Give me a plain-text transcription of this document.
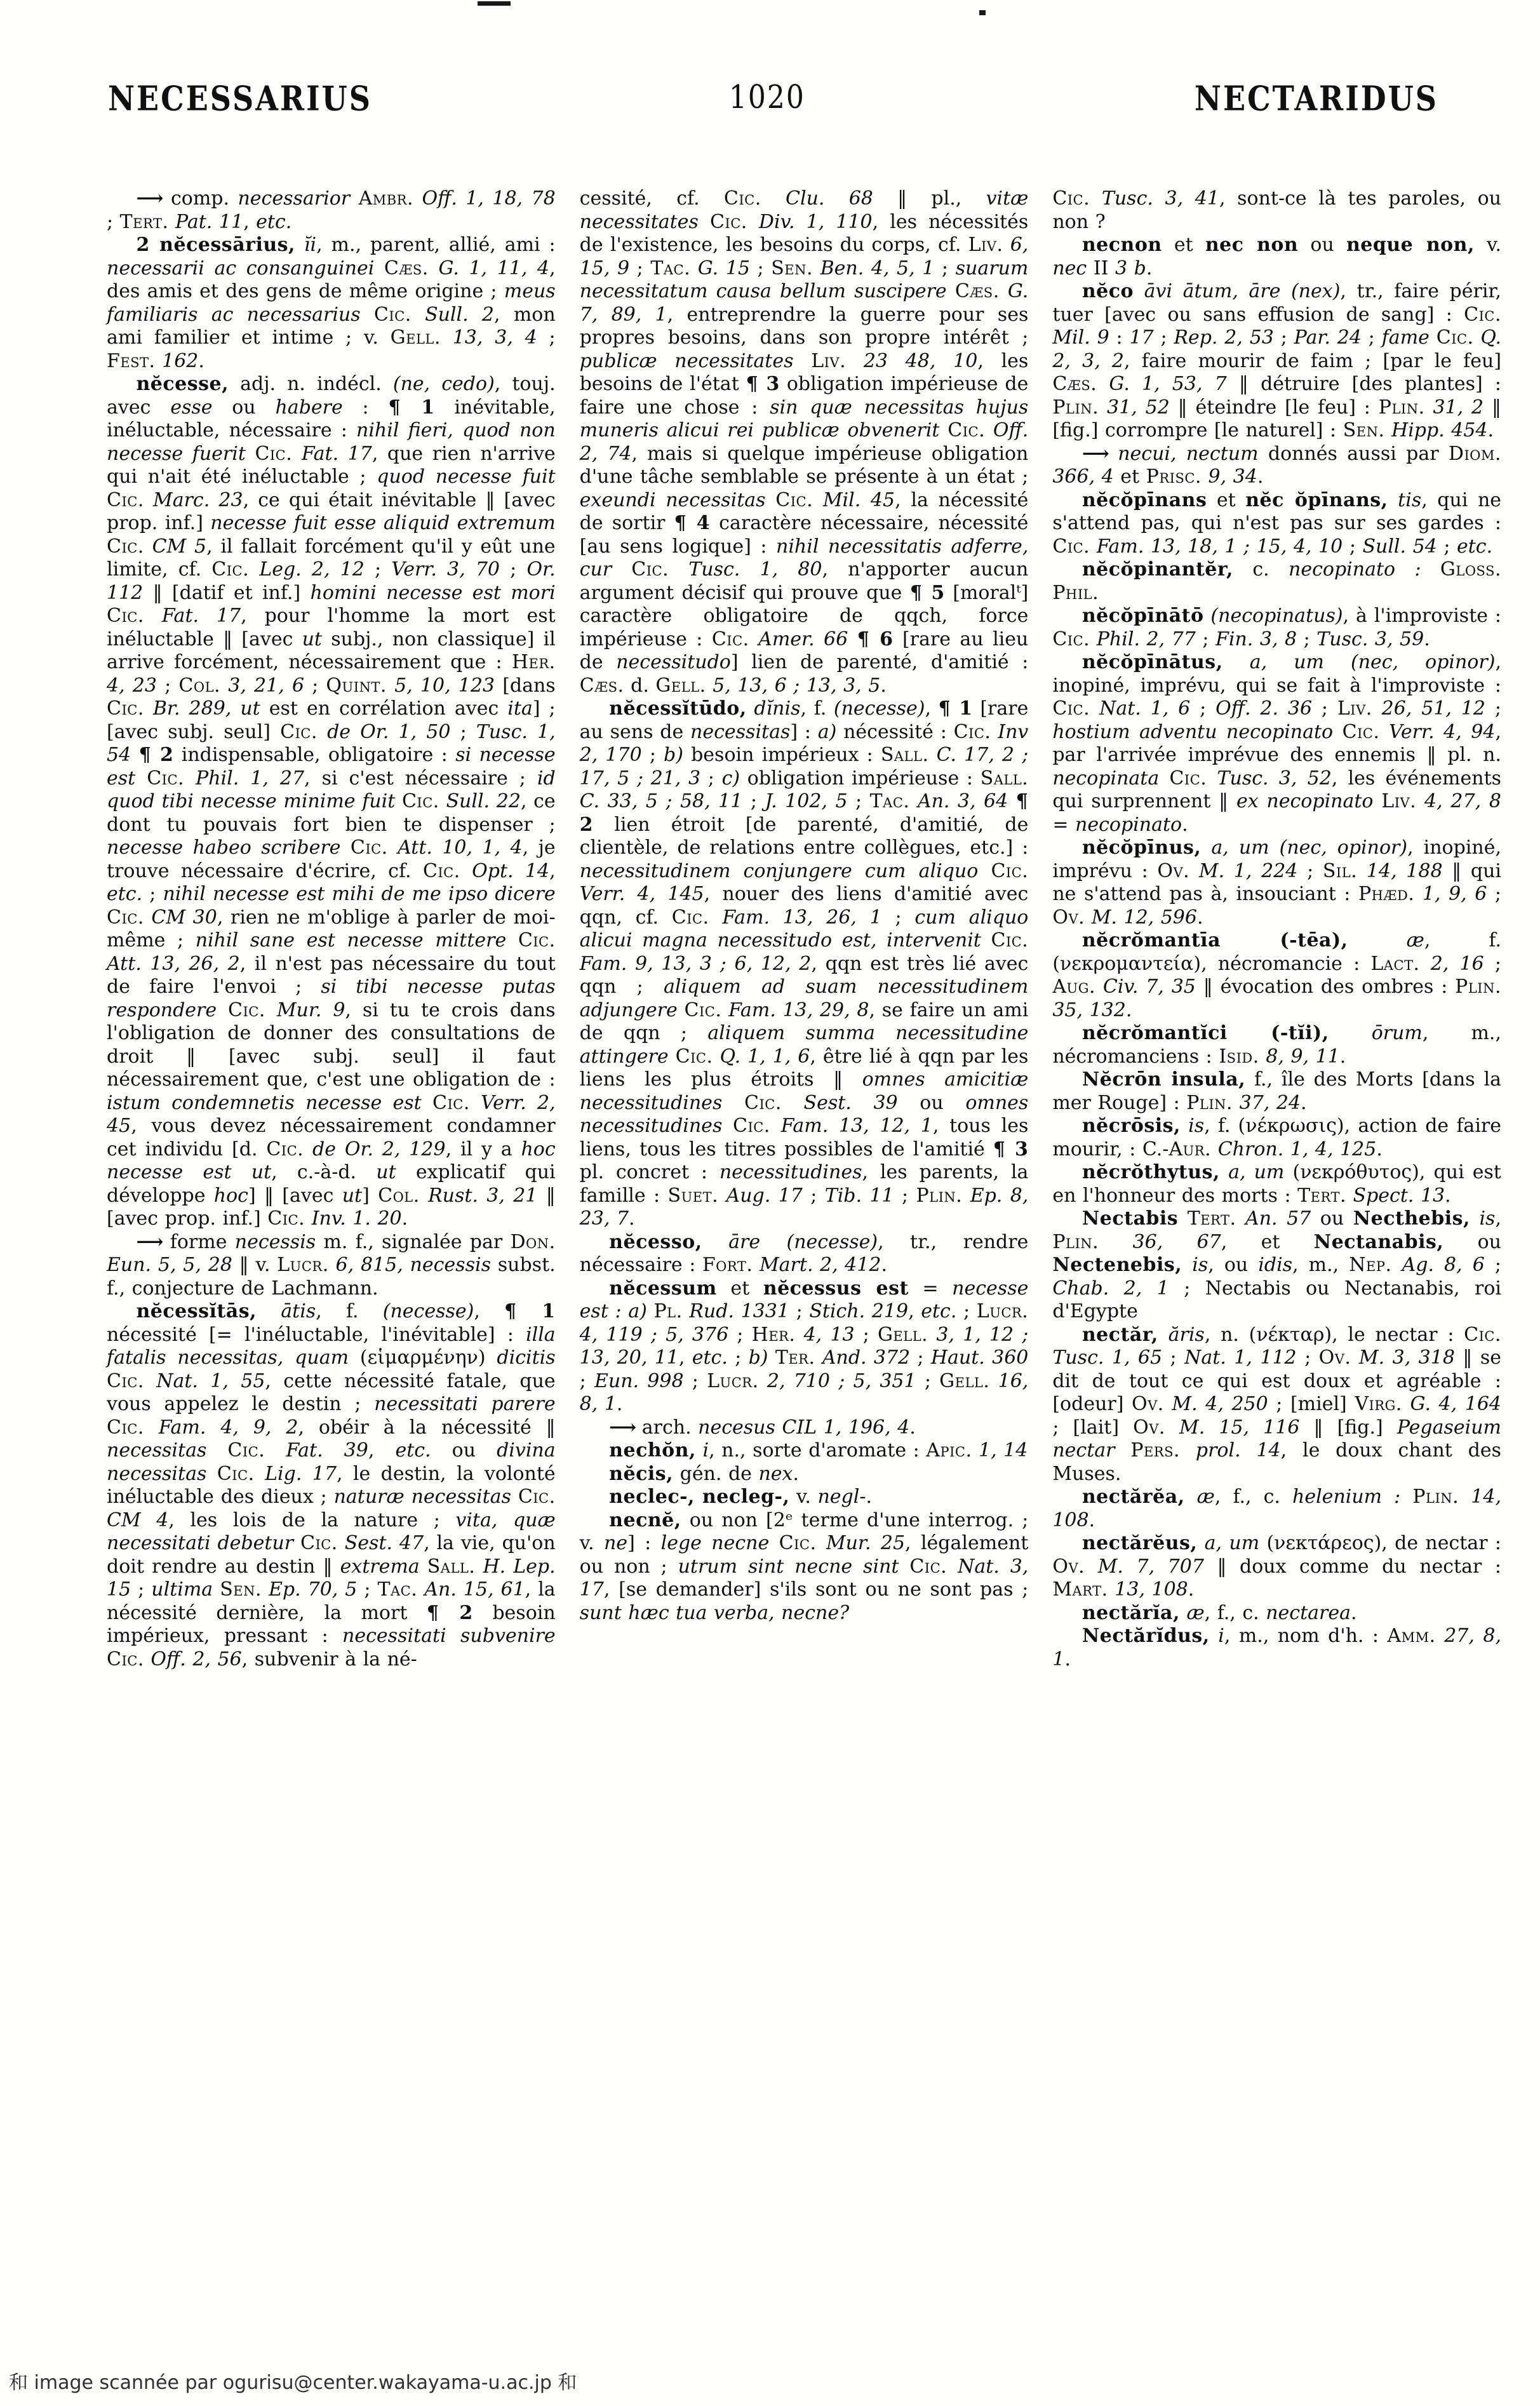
NECESSARIUS	1020	NECTARIDUS

⟶ comp. necessarior Ambr. Off. 1, 18, 78 ; Tert. Pat. 11, etc.

2 nĕcessārius, ĭi, m., parent, allié, ami : necessarii ac consanguinei Cæs. G. 1, 11, 4, des amis et des gens de même origine ; meus familiaris ac necessarius Cic. Sull. 2, mon ami familier et intime ; v. Gell. 13, 3, 4 ; Fest. 162.

nĕcesse, adj. n. indécl. (ne, cedo), touj. avec esse ou habere : ¶ 1 inévitable, inéluctable, nécessaire : nihil fieri, quod non necesse fuerit Cic. Fat. 17, que rien n'arrive qui n'ait été inéluctable ; quod necesse fuit Cic. Marc. 23, ce qui était inévitable ‖ [avec prop. inf.] necesse fuit esse aliquid extremum Cic. CM 5, il fallait forcément qu'il y eût une limite, cf. Cic. Leg. 2, 12 ; Verr. 3, 70 ; Or. 112 ‖ [datif et inf.] homini necesse est mori Cic. Fat. 17, pour l'homme la mort est inéluctable ‖ [avec ut subj., non classique] il arrive forcément, nécessairement que : Her. 4, 23 ; Col. 3, 21, 6 ; Quint. 5, 10, 123 [dans Cic. Br. 289, ut est en corrélation avec ita] ; [avec subj. seul] Cic. de Or. 1, 50 ; Tusc. 1, 54 ¶ 2 indispensable, obligatoire : si necesse est Cic. Phil. 1, 27, si c'est nécessaire ; id quod tibi necesse minime fuit Cic. Sull. 22, ce dont tu pouvais fort bien te dispenser ; necesse habeo scribere Cic. Att. 10, 1, 4, je trouve nécessaire d'écrire, cf. Cic. Opt. 14, etc. ; nihil necesse est mihi de me ipso dicere Cic. CM 30, rien ne m'oblige à parler de moi-même ; nihil sane est necesse mittere Cic. Att. 13, 26, 2, il n'est pas nécessaire du tout de faire l'envoi ; si tibi necesse putas respondere Cic. Mur. 9, si tu te crois dans l'obligation de donner des consultations de droit ‖ [avec subj. seul] il faut nécessairement que, c'est une obligation de : istum condemnetis necesse est Cic. Verr. 2, 45, vous devez nécessairement condamner cet individu [d. Cic. de Or. 2, 129, il y a hoc necesse est ut, c.-à-d. ut explicatif qui développe hoc] ‖ [avec ut] Col. Rust. 3, 21 ‖ [avec prop. inf.] Cic. Inv. 1. 20.

⟶ forme necessis m. f., signalée par Don. Eun. 5, 5, 28 ‖ v. Lucr. 6, 815, necessis subst. f., conjecture de Lachmann.

nĕcessĭtās, ātis, f. (necesse), ¶ 1 nécessité [= l'inéluctable, l'inévitable] : illa fatalis necessitas, quam (εἱμαρμένην) dicitis Cic. Nat. 1, 55, cette nécessité fatale, que vous appelez le destin ; necessitati parere Cic. Fam. 4, 9, 2, obéir à la nécessité ‖ necessitas Cic. Fat. 39, etc. ou divina necessitas Cic. Lig. 17, le destin, la volonté inéluctable des dieux ; naturæ necessitas Cic. CM 4, les lois de la nature ; vita, quæ necessitati debetur Cic. Sest. 47, la vie, qu'on doit rendre au destin ‖ extrema Sall. H. Lep. 15 ; ultima Sen. Ep. 70, 5 ; Tac. An. 15, 61, la nécessité dernière, la mort ¶ 2 besoin impérieux, pressant : necessitati subvenire Cic. Off. 2, 56, subvenir à la né-

cessité, cf. Cic. Clu. 68 ‖ pl., vitæ necessitates Cic. Div. 1, 110, les nécessités de l'existence, les besoins du corps, cf. Liv. 6, 15, 9 ; Tac. G. 15 ; Sen. Ben. 4, 5, 1 ; suarum necessitatum causa bellum suscipere Cæs. G. 7, 89, 1, entreprendre la guerre pour ses propres besoins, dans son propre intérêt ; publicæ necessitates Liv. 23 48, 10, les besoins de l'état ¶ 3 obligation impérieuse de faire une chose : sin quæ necessitas hujus muneris alicui rei publicæ obvenerit Cic. Off. 2, 74, mais si quelque impérieuse obligation d'une tâche semblable se présente à un état ; exeundi necessitas Cic. Mil. 45, la nécessité de sortir ¶ 4 caractère nécessaire, nécessité [au sens logique] : nihil necessitatis adferre, cur Cic. Tusc. 1, 80, n'apporter aucun argument décisif qui prouve que ¶ 5 [moralᵗ] caractère obligatoire de qqch, force impérieuse : Cic. Amer. 66 ¶ 6 [rare au lieu de necessitudo] lien de parenté, d'amitié : Cæs. d. Gell. 5, 13, 6 ; 13, 3, 5.

nĕcessĭtūdo, dĭnis, f. (necesse), ¶ 1 [rare au sens de necessitas] : a) nécessité : Cic. Inv 2, 170 ; b) besoin impérieux : Sall. C. 17, 2 ; 17, 5 ; 21, 3 ; c) obligation impérieuse : Sall. C. 33, 5 ; 58, 11 ; J. 102, 5 ; Tac. An. 3, 64 ¶ 2 lien étroit [de parenté, d'amitié, de clientèle, de relations entre collègues, etc.] : necessitudinem conjungere cum aliquo Cic. Verr. 4, 145, nouer des liens d'amitié avec qqn, cf. Cic. Fam. 13, 26, 1 ; cum aliquo alicui magna necessitudo est, intervenit Cic. Fam. 9, 13, 3 ; 6, 12, 2, qqn est très lié avec qqn ; aliquem ad suam necessitudinem adjungere Cic. Fam. 13, 29, 8, se faire un ami de qqn ; aliquem summa necessitudine attingere Cic. Q. 1, 1, 6, être lié à qqn par les liens les plus étroits ‖ omnes amicitiæ necessitudines Cic. Sest. 39 ou omnes necessitudines Cic. Fam. 13, 12, 1, tous les liens, tous les titres possibles de l'amitié ¶ 3 pl. concret : necessitudines, les parents, la famille : Suet. Aug. 17 ; Tib. 11 ; Plin. Ep. 8, 23, 7.

nĕcesso, āre (necesse), tr., rendre nécessaire : Fort. Mart. 2, 412.

nĕcessum et nĕcessus est = necesse est : a) Pl. Rud. 1331 ; Stich. 219, etc. ; Lucr. 4, 119 ; 5, 376 ; Her. 4, 13 ; Gell. 3, 1, 12 ; 13, 20, 11, etc. ; b) Ter. And. 372 ; Haut. 360 ; Eun. 998 ; Lucr. 2, 710 ; 5, 351 ; Gell. 16, 8, 1.

⟶ arch. necesus CIL 1, 196, 4.

nechŏn, i, n., sorte d'aromate : Apic. 1, 14

nĕcis, gén. de nex.

neclec-, necleg-, v. negl-.

necnĕ, ou non [2ᵉ terme d'une interrog. ; v. ne] : lege necne Cic. Mur. 25, légalement ou non ; utrum sint necne sint Cic. Nat. 3, 17, [se demander] s'ils sont ou ne sont pas ; sunt hæc tua verba, necne?

Cic. Tusc. 3, 41, sont-ce là tes paroles, ou non ?

necnon et nec non ou neque non, v. nec II 3 b.

nĕco āvi ātum, āre (nex), tr., faire périr, tuer [avec ou sans effusion de sang] : Cic. Mil. 9 : 17 ; Rep. 2, 53 ; Par. 24 ; fame Cic. Q. 2, 3, 2, faire mourir de faim ; [par le feu] Cæs. G. 1, 53, 7 ‖ détruire [des plantes] : Plin. 31, 52 ‖ éteindre [le feu] : Plin. 31, 2 ‖ [fig.] corrompre [le naturel] : Sen. Hipp. 454.

⟶ necui, nectum donnés aussi par Diom. 366, 4 et Prisc. 9, 34.

nĕcŏpīnans et nĕc ŏpīnans, tis, qui ne s'attend pas, qui n'est pas sur ses gardes : Cic. Fam. 13, 18, 1 ; 15, 4, 10 ; Sull. 54 ; etc.

nĕcŏpinantĕr, c. necopinato : Gloss. Phil.

nĕcŏpīnātō (necopinatus), à l'improviste : Cic. Phil. 2, 77 ; Fin. 3, 8 ; Tusc. 3, 59.

nĕcŏpīnātus, a, um (nec, opinor), inopiné, imprévu, qui se fait à l'improviste : Cic. Nat. 1, 6 ; Off. 2. 36 ; Liv. 26, 51, 12 ; hostium adventu necopinato Cic. Verr. 4, 94, par l'arrivée imprévue des ennemis ‖ pl. n. necopinata Cic. Tusc. 3, 52, les événements qui surprennent ‖ ex necopinato Liv. 4, 27, 8 = necopinato.

nĕcŏpīnus, a, um (nec, opinor), inopiné, imprévu : Ov. M. 1, 224 ; Sil. 14, 188 ‖ qui ne s'attend pas à, insouciant : Phæd. 1, 9, 6 ; Ov. M. 12, 596.

nĕcrŏmantīa (-tēa),	æ, f. (νεκρομαντεία), nécromancie : Lact. 2, 16 ; Aug. Civ. 7, 35 ‖ évocation des ombres : Plin. 35, 132.

nĕcrŏmantĭci (-tĭi), ōrum, m., nécromanciens : Isid. 8, 9, 11.

Nĕcrōn insula, f., île des Morts [dans la mer Rouge] : Plin. 37, 24.

nĕcrōsis, is, f. (νέκρωσις), action de faire mourir, : C.-Aur. Chron. 1, 4, 125.

nĕcrŏthytus, a, um (νεκρόθυτος), qui est en l'honneur des morts : Tert. Spect. 13.

Nectabis Tert. An. 57 ou Necthebis, is, Plin. 36, 67, et Nectanabis, ou Nectenebis, is, ou idis, m., Nep. Ag. 8, 6 ; Chab. 2, 1 ; Nectabis ou Nectanabis, roi d'Egypte

nectăr, ăris, n. (νέκταρ), le nectar : Cic. Tusc. 1, 65 ; Nat. 1, 112 ; Ov. M. 3, 318 ‖ se dit de tout ce qui est doux et agréable : [odeur] Ov. M. 4, 250 ; [miel] Virg. G. 4, 164 ; [lait] Ov. M. 15, 116 ‖ [fig.] Pegaseium nectar Pers. prol. 14, le doux chant des Muses.

nectărĕa, æ, f., c. helenium : Plin. 14, 108.

nectărĕus, a, um (νεκτάρεος), de nectar : Ov. M. 7, 707 ‖ doux comme du nectar : Mart. 13, 108.

nectărĭa, æ, f., c. nectarea.

Nectărĭdus, i, m., nom d'h. : Amm. 27, 8, 1.

和 image scannée par ogurisu@center.wakayama-u.ac.jp 和
